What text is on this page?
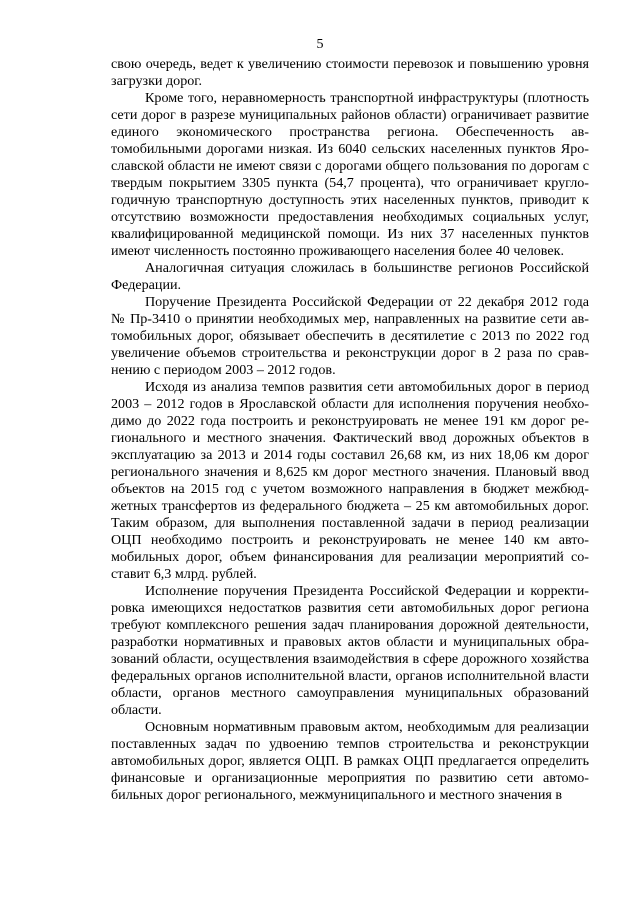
5

свою очередь, ведет к увеличению стоимости перевозок и повышению уровня загрузки дорог.

Кроме того, неравномерность транспортной инфраструктуры (плотность сети дорог в разрезе муниципальных районов области) ограничивает развитие единого экономического пространства региона. Обеспеченность автомобильными дорогами низкая. Из 6040 сельских населенных пунктов Ярославской области не имеют связи с дорогами общего пользования по дорогам с твердым покрытием 3305 пункта (54,7 процента), что ограничивает круглогодичную транспортную доступность этих населенных пунктов, приводит к отсутствию возможности предоставления необходимых социальных услуг, квалифицированной медицинской помощи. Из них 37 населенных пунктов имеют численность постоянно проживающего населения более 40 человек.

Аналогичная ситуация сложилась в большинстве регионов Российской Федерации.

Поручение Президента Российской Федерации от 22 декабря 2012 года № Пр-3410 о принятии необходимых мер, направленных на развитие сети автомобильных дорог, обязывает обеспечить в десятилетие с 2013 по 2022 год увеличение объемов строительства и реконструкции дорог в 2 раза по сравнению с периодом 2003 – 2012 годов.

Исходя из анализа темпов развития сети автомобильных дорог в период 2003 – 2012 годов в Ярославской области для исполнения поручения необходимо до 2022 года построить и реконструировать не менее 191 км дорог регионального и местного значения. Фактический ввод дорожных объектов в эксплуатацию за 2013 и 2014 годы составил 26,68 км, из них 18,06 км дорог регионального значения и 8,625 км дорог местного значения. Плановый ввод объектов на 2015 год с учетом возможного направления в бюджет межбюджетных трансфертов из федерального бюджета – 25 км автомобильных дорог. Таким образом, для выполнения поставленной задачи в период реализации ОЦП необходимо построить и реконструировать не менее 140 км автомобильных дорог, объем финансирования для реализации мероприятий составит 6,3 млрд. рублей.

Исполнение поручения Президента Российской Федерации и корректировка имеющихся недостатков развития сети автомобильных дорог региона требуют комплексного решения задач планирования дорожной деятельности, разработки нормативных и правовых актов области и муниципальных образований области, осуществления взаимодействия в сфере дорожного хозяйства федеральных органов исполнительной власти, органов исполнительной власти области, органов местного самоуправления муниципальных образований области.

Основным нормативным правовым актом, необходимым для реализации поставленных задач по удвоению темпов строительства и реконструкции автомобильных дорог, является ОЦП. В рамках ОЦП предлагается определить финансовые и организационные мероприятия по развитию сети автомобильных дорог регионального, межмуниципального и местного значения в
